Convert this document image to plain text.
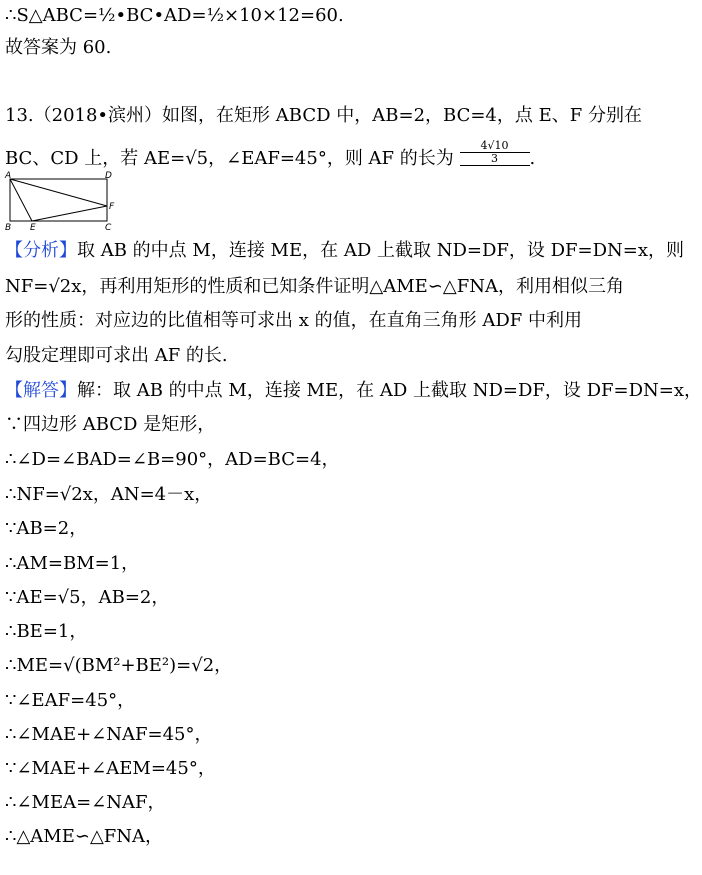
∴S△ABC=½•BC•AD=½×10×12=60.
故答案为 60.
13.（2018•滨州）如图，在矩形 ABCD 中，AB=2，BC=4，点 E、F 分别在
BC、CD 上，若 AE=√5，∠EAF=45°，则 AF 的长为 $\frac{4√10}{3}$ .
A
B	C
D
E
F
【分析】取 AB 的中点 M，连接 ME，在 AD 上截取 ND=DF，设 DF=DN=x，则
NF=√2x，再利用矩形的性质和已知条件证明△AME∽△FNA，利用相似三角
形的性质：对应边的比值相等可求出 x 的值，在直角三角形 ADF 中利用
勾股定理即可求出 AF 的长.
【解答】解：取 AB 的中点 M，连接 ME，在 AD 上截取 ND=DF，设 DF=DN=x，
∵四边形 ABCD 是矩形，
∴∠D=∠BAD=∠B=90°，AD=BC=4，
∴NF=√2x，AN=4－x，
∵AB=2，
∴AM=BM=1，
∵AE=√5，AB=2，
∴BE=1，
∴ME=√(BM²+BE²)=√2，
∵∠EAF=45°，
∴∠MAE+∠NAF=45°，
∵∠MAE+∠AEM=45°，
∴∠MEA=∠NAF，
∴△AME∽△FNA，
